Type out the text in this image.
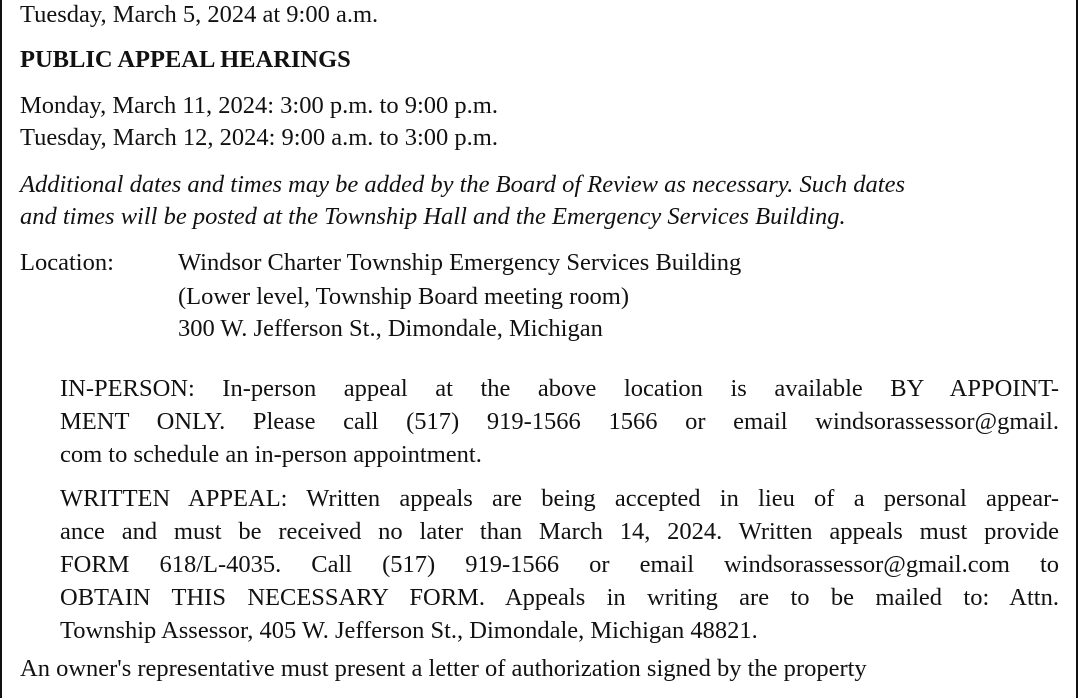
Tuesday, March 5, 2024 at 9:00 a.m.
PUBLIC APPEAL HEARINGS
Monday, March 11, 2024: 3:00 p.m. to 9:00 p.m.
Tuesday, March 12, 2024: 9:00 a.m. to 3:00 p.m.
Additional dates and times may be added by the Board of Review as necessary. Such dates
and times will be posted at the Township Hall and the Emergency Services Building.
Location:	Windsor Charter Township Emergency Services Building
(Lower level, Township Board meeting room)
300 W. Jefferson St., Dimondale, Michigan
IN-PERSON: In-person appeal at the above location is available BY APPOINT-
MENT ONLY. Please call (517) 919-1566 1566 or email windsorassessor@gmail.
com to schedule an in-person appointment.
WRITTEN APPEAL: Written appeals are being accepted in lieu of a personal appear-
ance and must be received no later than March 14, 2024. Written appeals must provide
FORM 618/L-4035. Call (517) 919-1566 or email windsorassessor@gmail.com to
OBTAIN THIS NECESSARY FORM. Appeals in writing are to be mailed to: Attn.
Township Assessor, 405 W. Jefferson St., Dimondale, Michigan 48821.
An owner's representative must present a letter of authorization signed by the property
